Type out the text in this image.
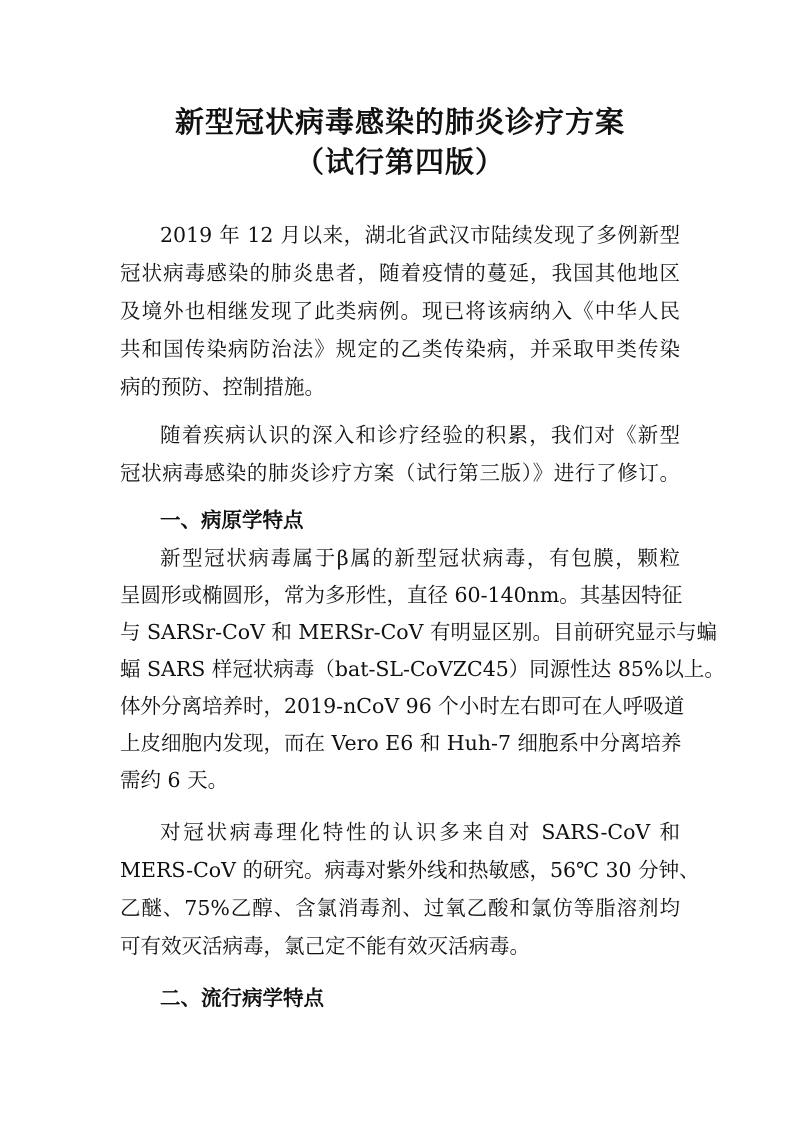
新型冠状病毒感染的肺炎诊疗方案
（试行第四版）

2019 年 12 月以来，湖北省武汉市陆续发现了多例新型

冠状病毒感染的肺炎患者，随着疫情的蔓延，我国其他地区

及境外也相继发现了此类病例。现已将该病纳入《中华人民

共和国传染病防治法》规定的乙类传染病，并采取甲类传染

病的预防、控制措施。

随着疾病认识的深入和诊疗经验的积累，我们对《新型

冠状病毒感染的肺炎诊疗方案（试行第三版）》进行了修订。

一、病原学特点

新型冠状病毒属于β属的新型冠状病毒，有包膜，颗粒

呈圆形或椭圆形，常为多形性，直径 60-140nm。其基因特征

与 SARSr-CoV 和 MERSr-CoV 有明显区别。目前研究显示与蝙

蝠 SARS 样冠状病毒（bat-SL-CoVZC45）同源性达 85%以上。

体外分离培养时，2019-nCoV 96 个小时左右即可在人呼吸道

上皮细胞内发现，而在 Vero E6 和 Huh-7 细胞系中分离培养

需约 6 天。

对冠状病毒理化特性的认识多来自对 SARS-CoV 和

MERS-CoV 的研究。病毒对紫外线和热敏感，56℃ 30 分钟、

乙醚、75%乙醇、含氯消毒剂、过氧乙酸和氯仿等脂溶剂均

可有效灭活病毒，氯己定不能有效灭活病毒。

二、流行病学特点
